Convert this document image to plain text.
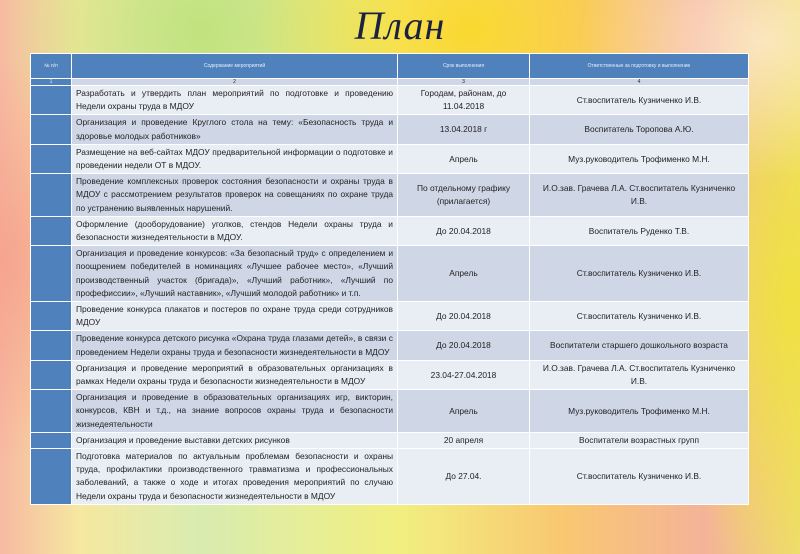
План
№ п/п	Содержание мероприятий	Срок выполнения	Ответственные за подготовку и выполнение
1	2	3	4
	Разработать и утвердить план мероприятий по подготовке и проведению Недели охраны труда в МДОУ	Городам, районам, до 11.04.2018	Ст.воспитатель Кузниченко И.В.
	Организация и проведение Круглого стола на тему: «Безопасность труда и здоровье молодых работников»	13.04.2018 г	Воспитатель Торопова А.Ю.
	Размещение на веб-сайтах МДОУ предварительной информации о подготовке и проведении недели ОТ в МДОУ.	Апрель	Муз.руководитель Трофименко М.Н.
	Проведение комплексных проверок состояния безопасности и охраны труда в МДОУ с рассмотрением результатов проверок на совещаниях по охране труда по устранению выявленных нарушений.	По отдельному графику (прилагается)	И.О.зав. Грачева Л.А. Ст.воспитатель Кузниченко И.В.
	Оформление (дооборудование) уголков, стендов Недели охраны труда и безопасности жизнедеятельности в МДОУ.	До 20.04.2018	Воспитатель Руденко Т.В.
	Организация и проведение конкурсов: «За безопасный труд» с определением и поощрением победителей в номинациях «Лучшее рабочее место», «Лучший производственный участок (бригада)», «Лучший работник», «Лучший по профефиссии», «Лучший наставник», «Лучший молодой работник» и т.п.	Апрель	Ст.воспитатель Кузниченко И.В.
	Проведение конкурса плакатов и постеров по охране труда среди сотрудников МДОУ	До 20.04.2018	Ст.воспитатель Кузниченко И.В.
	Проведение конкурса детского рисунка «Охрана труда глазами детей», в связи с проведением Недели охраны труда и безопасности жизнедеятельности в МДОУ	До 20.04.2018	Воспитатели старшего дошкольного возраста
	Организация и проведение мероприятий в образовательных организациях в рамках Недели охраны труда и безопасности жизнедеятельности в МДОУ	23.04-27.04.2018	И.О.зав. Грачева Л.А. Ст.воспитатель Кузниченко И.В.
	Организация и проведение в образовательных организациях игр, викторин, конкурсов, КВН и т.д., на знание вопросов охраны труда и безопасности жизнедеятельности	Апрель	Муз.руководитель Трофименко М.Н.
	Организация и проведение выставки детских рисунков	20 апреля	Воспитатели возрастных групп
	Подготовка материалов по актуальным проблемам безопасности и охраны труда, профилактики производственного травматизма и профессиональных заболеваний, а также о ходе и итогах проведения мероприятий по случаю Недели охраны труда и безопасности жизнедеятельности в МДОУ	До 27.04.	Ст.воспитатель Кузниченко И.В.
